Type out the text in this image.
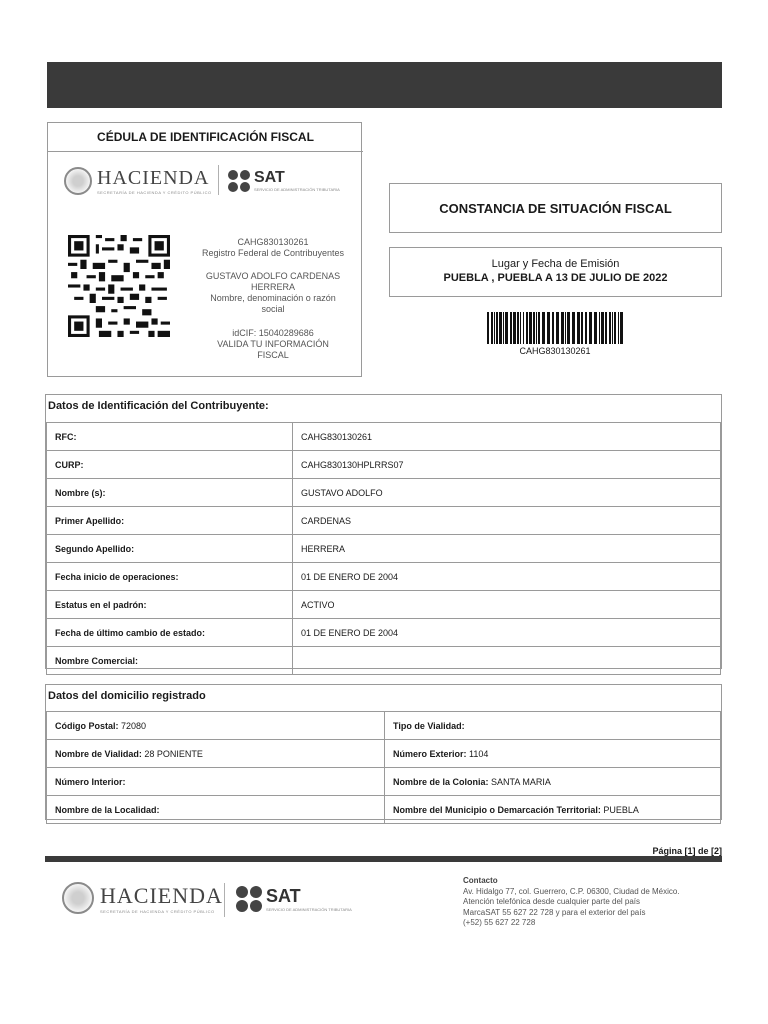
CÉDULA DE IDENTIFICACIÓN FISCAL
HACIENDA
SECRETARÍA DE HACIENDA Y CRÉDITO PÚBLICO
SAT
SERVICIO DE ADMINISTRACIÓN TRIBUTARIA
CAHG830130261
Registro Federal de Contribuyentes
GUSTAVO ADOLFO CARDENAS
HERRERA
Nombre, denominación o razón
social
idCIF: 15040289686
VALIDA TU INFORMACIÓN
FISCAL
CONSTANCIA DE SITUACIÓN FISCAL
Lugar y Fecha de Emisión
PUEBLA , PUEBLA A 13 DE JULIO DE 2022
CAHG830130261
Datos de Identificación del Contribuyente:
RFC:	CAHG830130261
CURP:	CAHG830130HPLRRS07
Nombre (s):	GUSTAVO ADOLFO
Primer Apellido:	CARDENAS
Segundo Apellido:	HERRERA
Fecha inicio de operaciones:	01 DE ENERO DE 2004
Estatus en el padrón:	ACTIVO
Fecha de último cambio de estado:	01 DE ENERO DE 2004
Nombre Comercial:	
Datos del domicilio registrado
Código Postal: 72080	Tipo de Vialidad:
Nombre de Vialidad: 28 PONIENTE	Número Exterior: 1104
Número Interior:	Nombre de la Colonia: SANTA MARIA
Nombre de la Localidad:	Nombre del Municipio o Demarcación Territorial: PUEBLA
Página [1] de [2]
HACIENDA
SECRETARÍA DE HACIENDA Y CRÉDITO PÚBLICO
SAT
SERVICIO DE ADMINISTRACIÓN TRIBUTARIA
Contacto
Av. Hidalgo 77, col. Guerrero, C.P. 06300, Ciudad de México.
Atención telefónica desde cualquier parte del país
MarcaSAT 55 627 22 728 y para el exterior del país
(+52) 55 627 22 728
